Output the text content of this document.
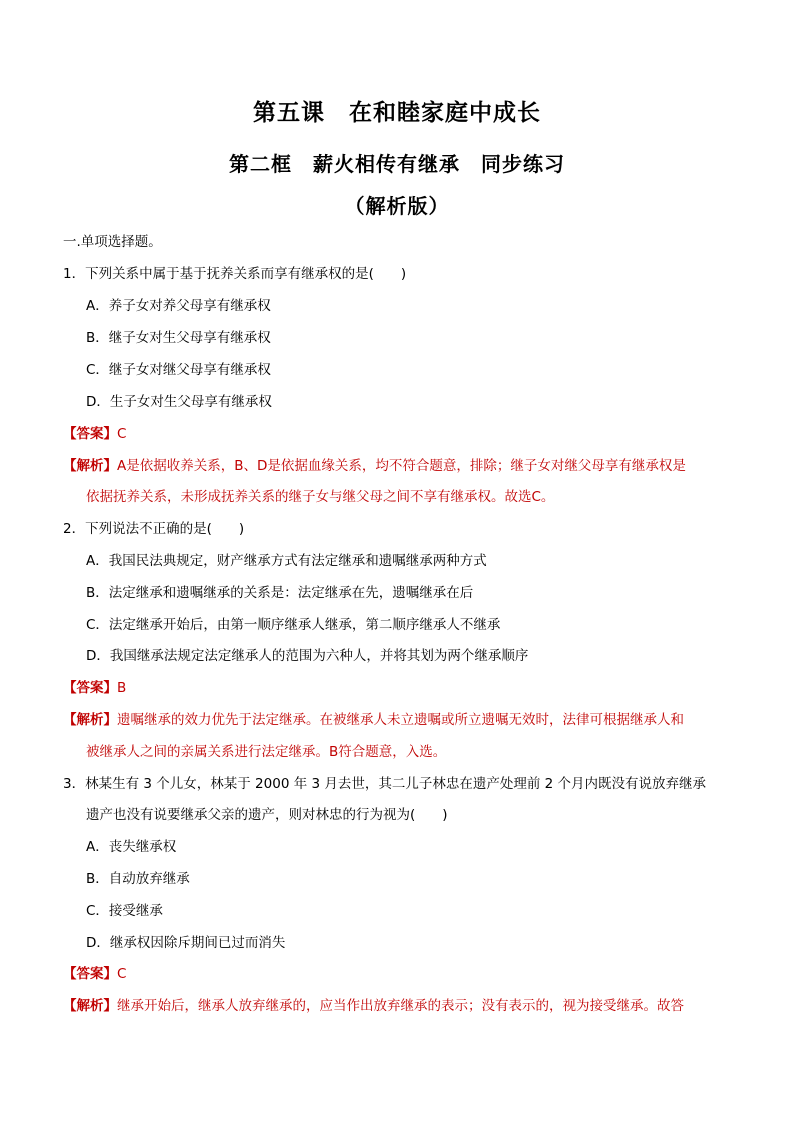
第五课　在和睦家庭中成长
第二框　薪火相传有继承　同步练习
（解析版）
一.单项选择题。
1．下列关系中属于基于抚养关系而享有继承权的是(　　)
A．养子女对养父母享有继承权
B．继子女对生父母享有继承权
C．继子女对继父母享有继承权
D．生子女对生父母享有继承权
【答案】C
【解析】A是依据收养关系，B、D是依据血缘关系，均不符合题意，排除；继子女对继父母享有继承权是
依据抚养关系，未形成抚养关系的继子女与继父母之间不享有继承权。故选C。
2．下列说法不正确的是(　　)
A．我国民法典规定，财产继承方式有法定继承和遗嘱继承两种方式
B．法定继承和遗嘱继承的关系是：法定继承在先，遗嘱继承在后
C．法定继承开始后，由第一顺序继承人继承，第二顺序继承人不继承
D．我国继承法规定法定继承人的范围为六种人，并将其划为两个继承顺序
【答案】B
【解析】遗嘱继承的效力优先于法定继承。在被继承人未立遗嘱或所立遗嘱无效时，法律可根据继承人和
被继承人之间的亲属关系进行法定继承。B符合题意，入选。
3．林某生有 3 个儿女，林某于 2000 年 3 月去世，其二儿子林忠在遗产处理前 2 个月内既没有说放弃继承
遗产也没有说要继承父亲的遗产，则对林忠的行为视为(　　)
A．丧失继承权
B．自动放弃继承
C．接受继承
D．继承权因除斥期间已过而消失
【答案】C
【解析】继承开始后，继承人放弃继承的，应当作出放弃继承的表示；没有表示的，视为接受继承。故答
